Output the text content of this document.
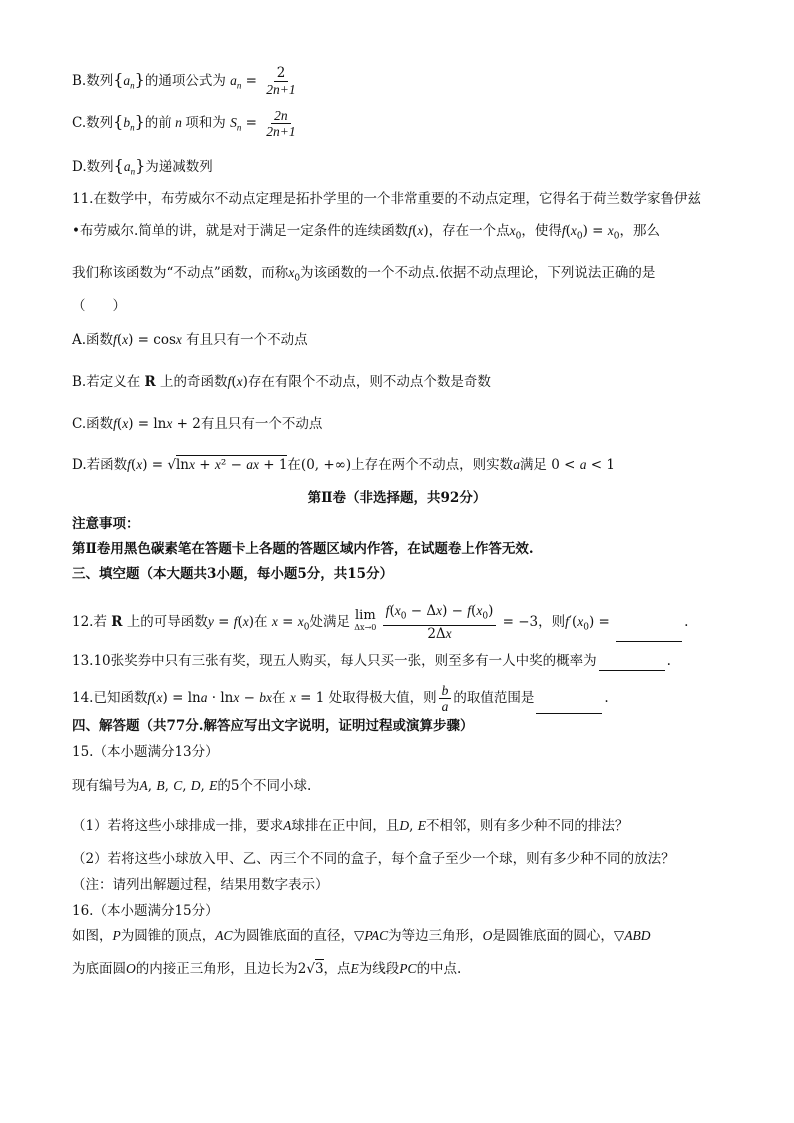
B.数列$\{a_n\}$的通项公式为 $a_n = \frac{2}{2n+1}$
C.数列$\{b_n\}$的前 n 项和为 $S_n = \frac{2n}{2n+1}$
D.数列$\{a_n\}$为递减数列
11.在数学中，布劳威尔不动点定理是拓扑学里的一个非常重要的不动点定理，它得名于荷兰数学家鲁伊兹
•布劳威尔.简单的讲，就是对于满足一定条件的连续函数f(x)，存在一个点$x_0$，使得$f(x_0) = x_0$，那么
我们称该函数为“不动点”函数，而称$x_0$为该函数的一个不动点.依据不动点理论，下列说法正确的是
（　　）
A.函数f(x) = cosx 有且只有一个不动点
B.若定义在 R 上的奇函数f(x)存在有限个不动点，则不动点个数是奇数
C.函数f(x) = lnx + 2有且只有一个不动点
D.若函数f(x) = √lnx + x² − ax + 1在(0, +∞)上存在两个不动点，则实数a满足 0 < a < 1
第Ⅱ卷（非选择题，共92分）
注意事项：
第Ⅱ卷用黑色碳素笔在答题卡上各题的答题区域内作答，在试题卷上作答无效.
三、填空题（本大题共3小题，每小题5分，共15分）
12.若 R 上的可导函数y = f(x)在 $x = x_0$处满足 lim
Δx→0
$\frac{f(x_0 - \Delta x) - f(x_0)}{2\Delta x} = -3$，则$f'(x_0)$ =	.
13.10张奖券中只有三张有奖，现五人购买，每人只买一张，则至多有一人中奖的概率为	.
14.已知函数f(x) = lna · lnx − bx在 x = 1 处取得极大值，则 $\frac{b}{a}$ 的取值范围是	.
四、解答题（共77分.解答应写出文字说明，证明过程或演算步骤）
15.（本小题满分13分）
现有编号为A, B, C, D, E的5个不同小球.
（1）若将这些小球排成一排，要求A球排在正中间，且D, E不相邻，则有多少种不同的排法？
（2）若将这些小球放入甲、乙、丙三个不同的盒子，每个盒子至少一个球，则有多少种不同的放法？
（注：请列出解题过程，结果用数字表示）
16.（本小题满分15分）
如图，P为圆锥的顶点，AC为圆锥底面的直径，▽PAC为等边三角形，O是圆锥底面的圆心，▽ABD
为底面圆O的内接正三角形，且边长为2√3，点E为线段PC的中点.
